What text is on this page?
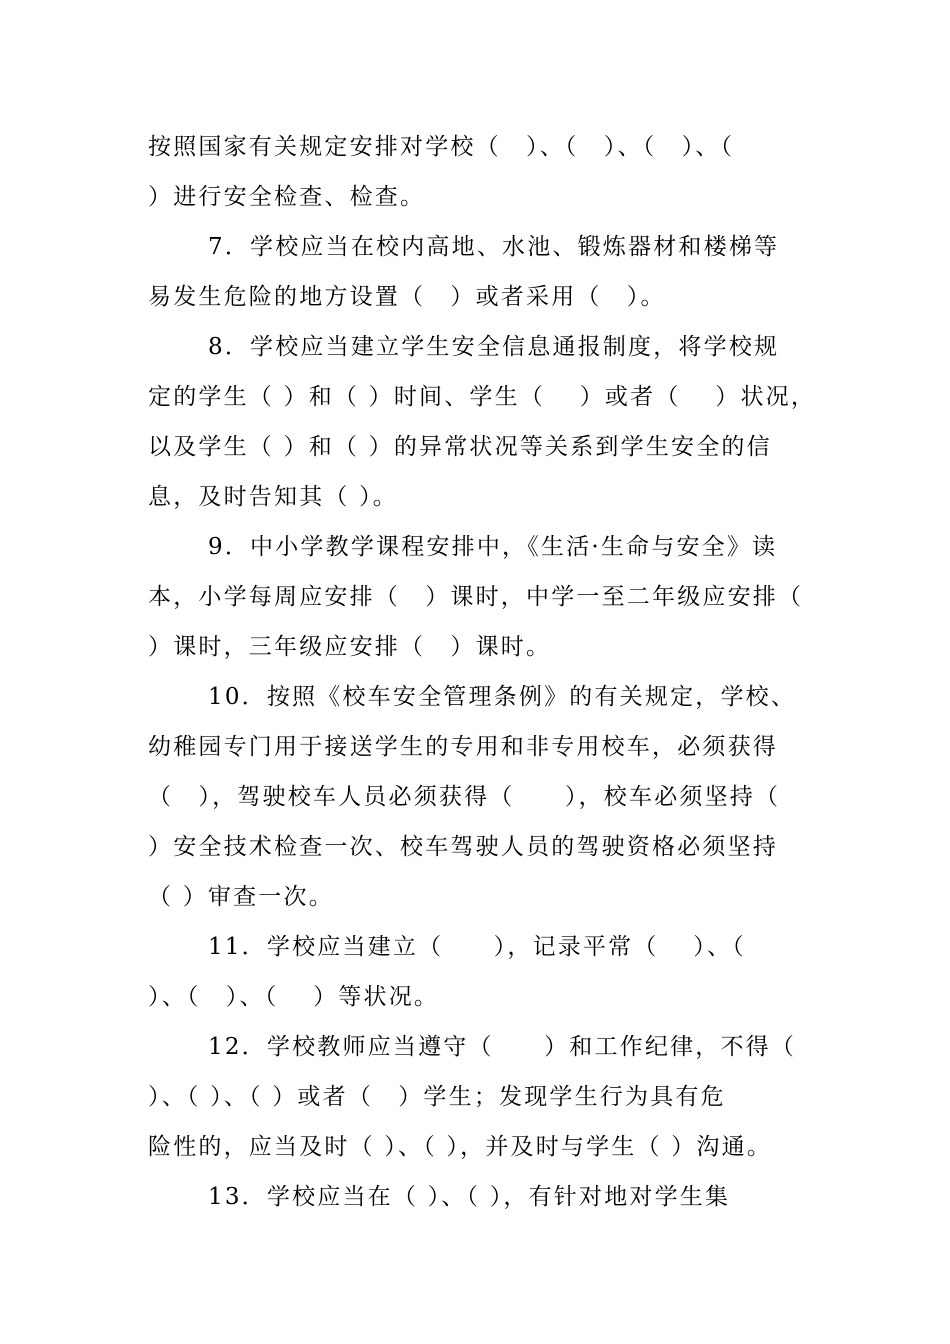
按照国家有关规定安排对学校（　）、（　）、（　）、（
）进行安全检查、检查。
7．学校应当在校内高地、水池、锻炼器材和楼梯等
易发生危险的地方设置（　）或者采用（　）。
8．学校应当建立学生安全信息通报制度，将学校规
定的学生（ ）和（ ）时间、学生（　 ）或者（　 ）状况，
以及学生（ ）和（ ）的异常状况等关系到学生安全的信
息，及时告知其（ ）。
9．中小学教学课程安排中，《生活·生命与安全》读
本，小学每周应安排（　）课时，中学一至二年级应安排（
）课时，三年级应安排（　）课时。
10．按照《校车安全管理条例》的有关规定，学校、
幼稚园专门用于接送学生的专用和非专用校车，必须获得
（　），驾驶校车人员必须获得（　　），校车必须坚持（
）安全技术检查一次、校车驾驶人员的驾驶资格必须坚持
（ ）审查一次。
11．学校应当建立（　　），记录平常（　 ）、（
）、（　）、（　 ）等状况。
12．学校教师应当遵守（　　）和工作纪律，不得（
）、（ ）、（ ）或者（　）学生；发现学生行为具有危
险性的，应当及时（ ）、（ ），并及时与学生（ ）沟通。
13．学校应当在（ ）、（ ），有针对地对学生集
